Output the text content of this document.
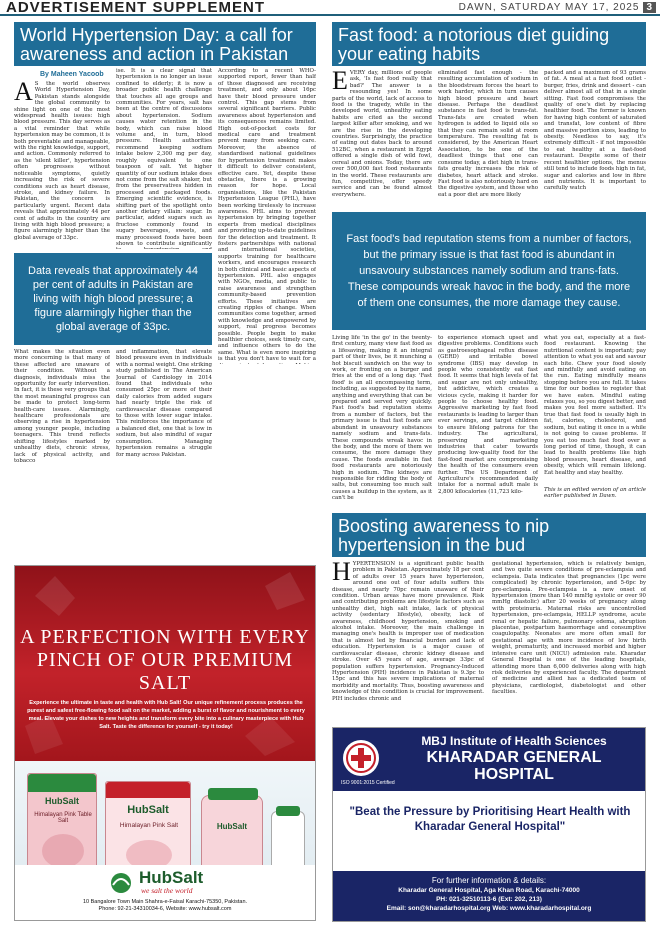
ADVERTISEMENT SUPPLEMENT	DAWN, SATURDAY MAY 17, 2025 3
World Hypertension Day: a call for awareness and action in Pakistan
By Maheen Yacoob
A S the world observes World Hypertension Day, Pakistan stands alongside the global community to shine light on one of the most widespread health issues: high blood pressure. This day serves as a vital reminder that while hypertension may be common, it is both preventable and manageable, with the right knowledge, support, and action. Commonly referred to as the 'silent killer', hypertension often progresses without noticeable symptoms, quietly increasing the risk of severe conditions such as heart disease, stroke, and kidney failure. In Pakistan, the concern is particularly urgent. Recent data reveals that approximately 44 per cent of adults in the country are living with high blood pressure; a figure alarmingly higher than the global average of 33pc.
ise. It is a clear signal that hypertension is no longer an issue confined to elderly; it is now a broader public health challenge that touches all age groups and communities. For years, salt has been at the centre of discussions about hypertension. Sodium causes water retention in the body, which can raise blood volume and, in turn, blood pressure. Health authorities recommend keeping sodium intake below 2,300 mg per day, roughly equivalent to one teaspoon of salt. Yet higher quantity of our sodium intake does not come from the salt shaker, but from the preservatives hidden in processed and packaged foods. Emerging scientific evidence, is shifting part of the spotlight onto another dietary villain: sugar. In particular, added sugars such as fructose commonly found in sugary beverages, sweets, and many processed foods have been shown to contribute significantly
According to a recent WHO-supported report, fewer than half of those diagnosed are receiving treatment, and only about 16pc have their blood pressure under control. This gap stems from several significant barriers. Public awareness about hypertension and its consequences remains limited. High out-of-pocket costs for medical care and treatment prevent many from seeking care. Moreover, the absence of standardised national guidelines for hypertension treatment makes it difficult to deliver consistent, effective care. Yet, despite these obstacles, there is a growing reason for hope. Local organisations, like the Pakistan Hypertension League (PHL), have been working tirelessly to increase awareness. PHL aims to prevent hypertension by bringing together experts from medical disciplines and providing up-to-date guidelines for the detection and treatment. It fosters partnerships with national and international societies, supports training for healthcare workers, and encourages research in both clinical and basic aspects of hypertension. PHL also engages with NGOs, media, and public to raise awareness and strengthen community-based prevention efforts. These initiatives are creating ripples of change. When communities come together, armed with knowledge and empowered by support, real progress becomes possible. People begin to make healthier choices, seek timely care, and influence others to do the same. What is even more inspiring is that you don't have to wait for a
Data reveals that approximately 44 per cent of adults in Pakistan are living with high blood pressure; a figure alarmingly higher than the global average of 33pc.
What makes the situation even more concerning is that many of these affected are unaware of their condition. Without a diagnosis, individuals miss the opportunity for early intervention. In fact, it is these very groups that the most meaningful progress can be made to protect long-term health-care issues. Alarmingly, healthcare professionals are observing a rise in hypertension among younger people, including teenagers. This trend reflects shifting lifestyles marked by unhealthy diets, chronic stress, lack of physical activity, and tobacco
and inflammation, that elevate blood pressure even in individuals with a normal weight. One striking study published in The American Journal of Cardiology in 2014 found that individuals who consumed 25pc or more of their daily calories from added sugars had nearly triple the risk of cardiovascular disease compared to those with lower sugar intake. This reinforces the importance of a balanced diet, one that is low in sodium, but also mindful of sugar consumption. Managing hypertension remains a struggle for many across Pakistan.
Fast food: a notorious diet guiding your eating habits
EVERY day, millions of people ask, 'Is fast food really that bad?' The answer is a resounding yes! In some parts of the world, lack of access to food is the tragedy, while in the developed world, unhealthy eating habits are cited as the second largest killer after smoking, and we are the rise in the developing countries. Surprisingly, the practice of eating out dates back to around 512BC, when a restaurant in Egypt offered a single dish of wild fowl, cereal and onions. Today, there are over 500,000 fast food restaurants in the world. These restaurants are fun, competitive, offer speedy service and can be found almost everywhere.
eliminated fast enough - the resulting accumulation of sodium in the bloodstream forces the heart to work harder, which in turn causes high blood pressure and heart disease. Perhaps the deadliest substance in fast food is trans-fat. Trans-fats are created when hydrogen is added to liquid oils so that they can remain solid at room temperature. The resulting fat is considered, by the American Heart Association, to be one of the deadliest things that one can consume today, a diet high in trans-fats greatly increases the risk of diabetes, heart attack and stroke. Fast food is also notoriously hard on the digestive system, and those who eat a poor diet are more likely
packed and a maximum of 93 grams of fat. A meal at a fast food outlet - burger, fries, drink and dessert - can deliver almost all of that in a single sitting. Fast food compromises the quality of one's diet by replacing healthier food. The former is known for having high content of saturated and transfat, low content of fibre and massive portion sizes, leading to obesity. Needless to say, it's extremely difficult - if not impossible to eat healthy at a fast-food restaurant. Despite some of their recent healthier options, the menus still tend to include foods high in fat, sugar and calories and low in fibre and nutrients. It is important to carefully watch
Fast food's bad reputation stems from a number of factors, but the primary issue is that fast food is abundant in unsavoury substances namely sodium and trans-fats. These compounds wreak havoc in the body, and the more of them one consumes, the more damage they cause.
Living life 'in the go' in the twenty-first century, many view fast food as a lifesaving, making it an integral part of their lives, be it munching a hot biscuit sandwich on the way to work, or fronting on a burger and fries at the end of a long day. 'Fast food' is an all encompassing term, including, as suggested by its name, anything and everything that can be prepared and served very quickly. Fast food's bad reputation stems from a number of factors, but the primary issue is that fast foods are abundant in unsavoury substances namely sodium and trans-fats. These compounds wreak havoc in the body, and the more of them we consume, the more damage they cause. The foods available in fast food restaurants are notoriously high in sodium. The kidneys are responsible for ridding the body of salts, but consuming too much salt causes a buildup in the system, as it can't be
to experience stomach upset and digestive problems. Conditions such as gastroesophageal reflux disease (GERD) and irritable bowel syndrome (IBS) may develop in people who consistently eat fast food. It seems that high levels of fat and sugar are not only unhealthy, but addictive, which creates a vicious cycle, making it harder for people to choose healthy food. Aggressive marketing by fast food restaurants is leading to larger than ever servings, and target children to ensure lifelong patrons for the industry. The agricultural, preserving and marketing industries that cater towards producing low-quality food for the fast-food market are compromising the health of the consumers even further. The US Department of Agriculture's recommended daily intake for a normal adult male is 2,800 kilocalories (11,723 kilo-
what you eat, especially at a fast-food restaurant. Knowing the nutritional content is important; pay attention to what you eat and savour each bite. Chew your food slowly and mindfully and avoid eating on the run. Eating mindfully means stopping before you are full. It takes time for our bodies to register that we have eaten. Mindful eating relaxes you, so you digest better, and makes you feel more satisfied. It's true that fast food is usually high in fat, calories, cholesterol, and sodium, but eating it once in a while is not going to cause problems. If you eat too much fast food over a long period of time, though, it can lead to health problems like high blood pressure, heart disease, and obesity, which will remain lifelong. Eat healthy and stay healthy.
This is an edited version of an article earlier published in Dawn.
Boosting awareness to nip hypertension in the bud
HYPERTENSION is a significant public health problem in Pakistan. Approximately 18 per cent of adults over 15 years have hypertension, around one out of four adults suffers this disease, and nearly 70pc remain unaware of their condition. Urban areas have more prevalence. Risk and contributing problems are lifestyle factors such as unhealthy diet, high salt intake, lack of physical activity (sedentary lifestyle), obesity, lack of awareness, childhood hypertension, smoking and alcohol intake. Moreover, the main challenge in managing one's health is improper use of medication that is almost led by financial burden and lack of education. Hypertension is a major cause of cardiovascular disease, chronic kidney disease and stroke. Over 45 years of age, average 33pc of population suffers hypertension. Pregnancy-Induced Hypertension (PIH) incidence in Pakistan is 9.3pc to 15pc and this has severe implications of maternal morbidity and mortality. Thus, boosting awareness and knowledge of this condition is crucial for improvement. PIH includes chronic and
gestational hypertension, which is relatively benign, and two quite severe conditions of pre-eclampsia and eclampsia. Data indicates that pregnancies (1pc were complicated) by chronic hypertension, and 5-6pc by pre-eclampsia. Pre-eclampsia is a new onset of hypertension (more than 140 mmHg systolic or over 90 mmHg diastolic) after 20 weeks of pregnancy along with proteinuria. Maternal risks are uncontrolled hypertension, pre-eclampsia, HELLP syndrome, acute renal or hepatic failure, pulmonary edema, abruption placentae, postpartum haemorrhage and consumptive coagulopathy. Neonates are more often small for gestational age with more incidence of low birth weight, prematurity, and increased morbid and higher intensive care unit (NICU) admission rate. Kharadar General Hospital is one of the leading hospitals, attending more than 6,000 deliveries along with high risk deliveries by experienced faculty. The department of medicine and allied has a dedicated team of physicians, cardiologist, diabetologist and other faculties.
A PERFECTION WITH EVERY PINCH OF OUR PREMIUM SALT
Experience the ultimate in taste and health with Hub Salt! Our unique refinement process produces the purest and safest free-flowing food salt on the market, adding a burst of flavor and nourishment to every meal. Elevate your dishes to new heights and transform every bite into a culinary masterpiece with Hub Salt. Taste the difference for yourself - try it today!
HubSalt
Himalayan Pink Table Salt
HubSalt
Himalayan Pink Salt	HubSalt
HubSalt
we salt the world
10 Bangalore Town Main Shahra-e-Faisal Karachi-75350, Pakistan.
Phone: 92-21-34310034-6, Website: www.hubsalt.com
MBJ Institute of Health Sciences
KHARADAR GENERAL HOSPITAL
ISO 9001:2015 Certified
"Beat the Pressure by Prioritising Heart Health with Kharadar General Hospital"
For further information & details:
Kharadar General Hospital, Aga Khan Road, Karachi-74000
PH: 021-32510113-6 (Ext: 202, 213)
Email: son@kharadarhospital.org Web: www.kharadarhospital.org
